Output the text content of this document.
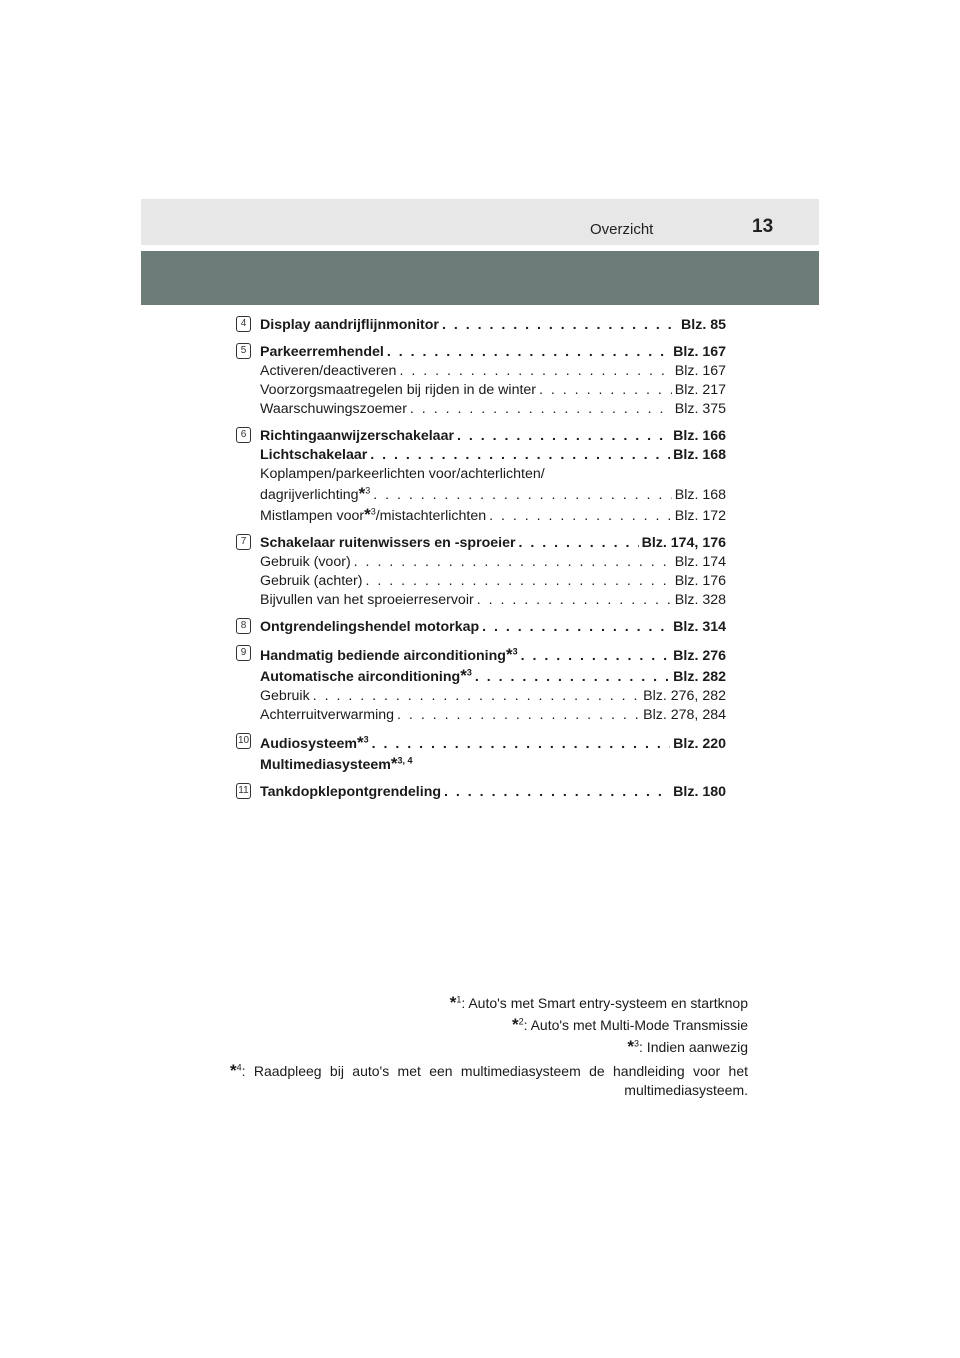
Overzicht	13
4 Display aandrijflijnmonitor . . .	Blz. 85
5 Parkeerremhendel . . .	Blz. 167
Activeren/deactiveren . . .	Blz. 167
Voorzorgsmaatregelen bij rijden in de winter . . .	Blz. 217
Waarschuwingszoemer . . .	Blz. 375
6 Richtingaanwijzerschakelaar . . .	Blz. 166
Lichtschakelaar . . .	Blz. 168
Koplampen/parkeerlichten voor/achterlichten/
dagrijverlichting*$^3$ . . .	Blz. 168
Mistlampen voor*$^3$/mistachterlichten . . .	Blz. 172
7 Schakelaar ruitenwissers en -sproeier . . .	Blz. 174, 176
Gebruik (voor) . . .	Blz. 174
Gebruik (achter) . . .	Blz. 176
Bijvullen van het sproeierreservoir . . .	Blz. 328
8 Ontgrendelingshendel motorkap . . .	Blz. 314
9 Handmatig bediende airconditioning*$^3$ . . .	Blz. 276
Automatische airconditioning*$^3$ . . .	Blz. 282
Gebruik . . .	Blz. 276, 282
Achterruitverwarming . . .	Blz. 278, 284
10 Audiosysteem*$^3$ . . .	Blz. 220
Multimediasysteem*$^{3, 4}$
11 Tankdopklepontgrendeling . . .	Blz. 180
*$^1$: Auto's met Smart entry-systeem en startknop
*$^2$: Auto's met Multi-Mode Transmissie
*$^3$: Indien aanwezig
*$^4$: Raadpleeg bij auto's met een multimediasysteem de handleiding voor het multimediasysteem.
